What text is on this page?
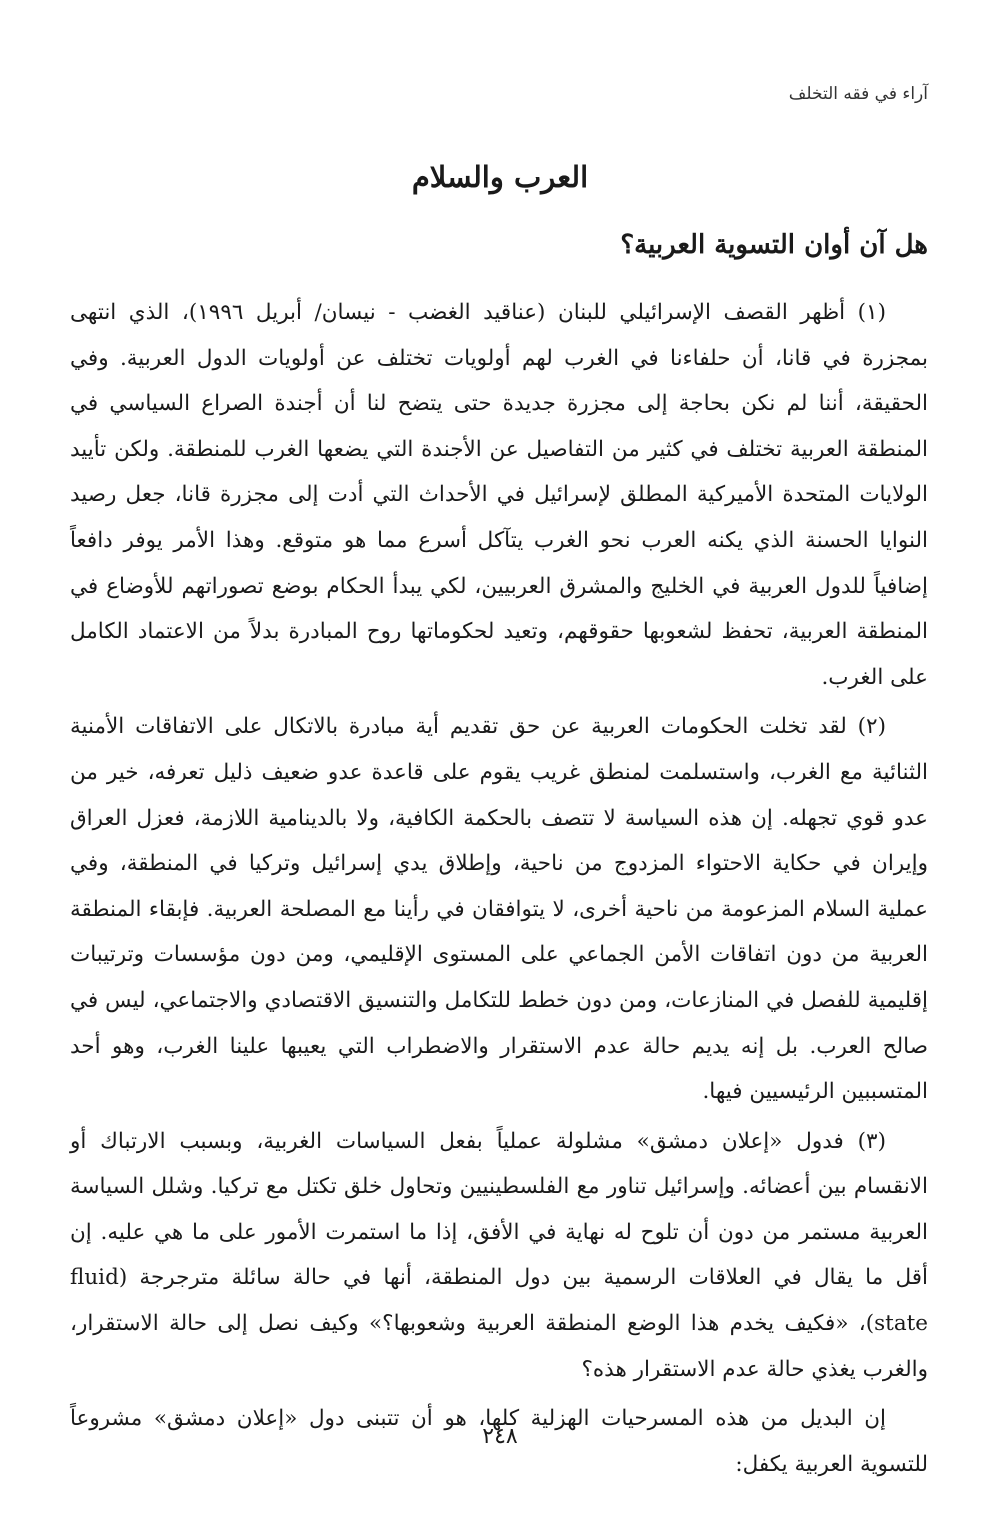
آراء في فقه التخلف
العرب والسلام
هل آن أوان التسوية العربية؟

(١) أظهر القصف الإسرائيلي للبنان (عناقيد الغضب - نيسان/ أبريل ١٩٩٦)، الذي انتهى بمجزرة في قانا، أن حلفاءنا في الغرب لهم أولويات تختلف عن أولويات الدول العربية. وفي الحقيقة، أننا لم نكن بحاجة إلى مجزرة جديدة حتى يتضح لنا أن أجندة الصراع السياسي في المنطقة العربية تختلف في كثير من التفاصيل عن الأجندة التي يضعها الغرب للمنطقة. ولكن تأييد الولايات المتحدة الأميركية المطلق لإسرائيل في الأحداث التي أدت إلى مجزرة قانا، جعل رصيد النوايا الحسنة الذي يكنه العرب نحو الغرب يتآكل أسرع مما هو متوقع. وهذا الأمر يوفر دافعاً إضافياً للدول العربية في الخليج والمشرق العربيين، لكي يبدأ الحكام بوضع تصوراتهم للأوضاع في المنطقة العربية، تحفظ لشعوبها حقوقهم، وتعيد لحكوماتها روح المبادرة بدلاً من الاعتماد الكامل على الغرب.

(٢) لقد تخلت الحكومات العربية عن حق تقديم أية مبادرة بالاتكال على الاتفاقات الأمنية الثنائية مع الغرب، واستسلمت لمنطق غريب يقوم على قاعدة عدو ضعيف ذليل تعرفه، خير من عدو قوي تجهله. إن هذه السياسة لا تتصف بالحكمة الكافية، ولا بالدينامية اللازمة، فعزل العراق وإيران في حكاية الاحتواء المزدوج من ناحية، وإطلاق يدي إسرائيل وتركيا في المنطقة، وفي عملية السلام المزعومة من ناحية أخرى، لا يتوافقان في رأينا مع المصلحة العربية. فإبقاء المنطقة العربية من دون اتفاقات الأمن الجماعي على المستوى الإقليمي، ومن دون مؤسسات وترتيبات إقليمية للفصل في المنازعات، ومن دون خطط للتكامل والتنسيق الاقتصادي والاجتماعي، ليس في صالح العرب. بل إنه يديم حالة عدم الاستقرار والاضطراب التي يعيبها علينا الغرب، وهو أحد المتسببين الرئيسيين فيها.

(٣) فدول «إعلان دمشق» مشلولة عملياً بفعل السياسات الغربية، وبسبب الارتباك أو الانقسام بين أعضائه. وإسرائيل تناور مع الفلسطينيين وتحاول خلق تكتل مع تركيا. وشلل السياسة العربية مستمر من دون أن تلوح له نهاية في الأفق، إذا ما استمرت الأمور على ما هي عليه. إن أقل ما يقال في العلاقات الرسمية بين دول المنطقة، أنها في حالة سائلة مترجرجة (fluid state)، «فكيف يخدم هذا الوضع المنطقة العربية وشعوبها؟» وكيف نصل إلى حالة الاستقرار، والغرب يغذي حالة عدم الاستقرار هذه؟

إن البديل من هذه المسرحيات الهزلية كلها، هو أن تتبنى دول «إعلان دمشق» مشروعاً للتسوية العربية يكفل:

٢٤٨
